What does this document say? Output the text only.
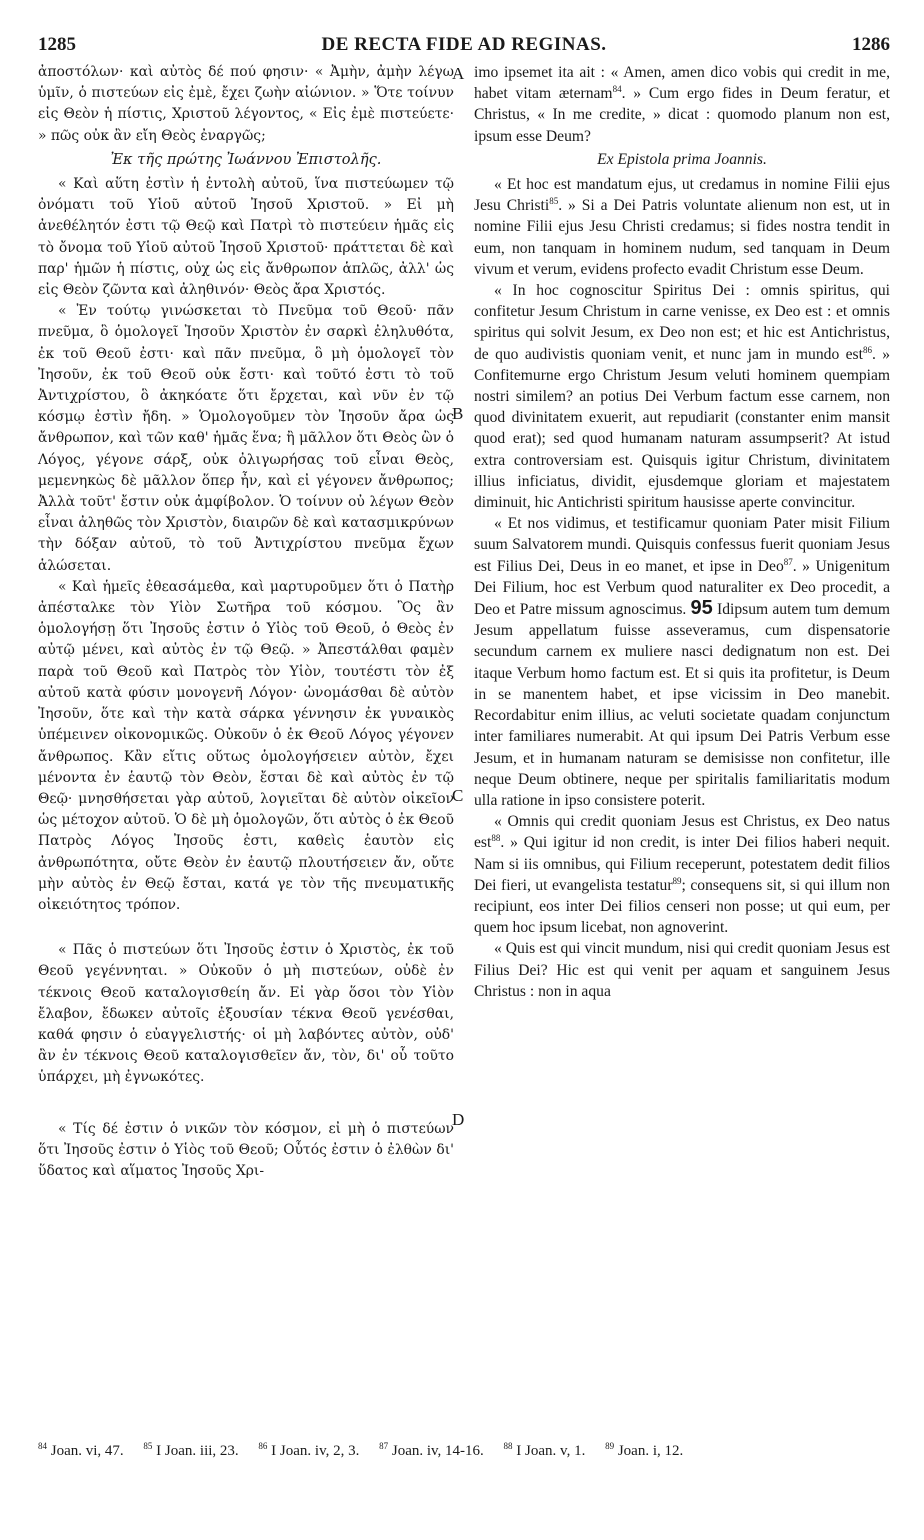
1285	DE RECTA FIDE AD REGINAS.	1286
A
B
C
D

ἀποστόλων· καὶ αὐτὸς δέ πού φησιν· « Ἀμὴν, ἀμὴν λέγω ὑμῖν, ὁ πιστεύων εἰς ἐμὲ, ἔχει ζωὴν αἰώνιον. » Ὅτε τοίνυν εἰς Θεὸν ἡ πίστις, Χριστοῦ λέγοντος, « Εἰς ἐμὲ πιστεύετε· » πῶς οὐκ ἂν εἴη Θεὸς ἐναργῶς;

Ἐκ τῆς πρώτης Ἰωάννου Ἐπιστολῆς.

« Καὶ αὕτη ἐστὶν ἡ ἐντολὴ αὐτοῦ, ἵνα πιστεύωμεν τῷ ὀνόματι τοῦ Υἱοῦ αὐτοῦ Ἰησοῦ Χριστοῦ. » Εἰ μὴ ἀνεθέλητόν ἐστι τῷ Θεῷ καὶ Πατρὶ τὸ πιστεύειν ἡμᾶς εἰς τὸ ὄνομα τοῦ Υἱοῦ αὐτοῦ Ἰησοῦ Χριστοῦ· πράττεται δὲ καὶ παρ' ἡμῶν ἡ πίστις, οὐχ ὡς εἰς ἄνθρωπον ἁπλῶς, ἀλλ' ὡς εἰς Θεὸν ζῶντα καὶ ἀληθινόν· Θεὸς ἄρα Χριστός.

« Ἐν τούτῳ γινώσκεται τὸ Πνεῦμα τοῦ Θεοῦ· πᾶν πνεῦμα, ὃ ὁμολογεῖ Ἰησοῦν Χριστὸν ἐν σαρκὶ ἐληλυθότα, ἐκ τοῦ Θεοῦ ἐστι· καὶ πᾶν πνεῦμα, ὃ μὴ ὁμολογεῖ τὸν Ἰησοῦν, ἐκ τοῦ Θεοῦ οὐκ ἔστι· καὶ τοῦτό ἐστι τὸ τοῦ Ἀντιχρίστου, ὃ ἀκηκόατε ὅτι ἔρχεται, καὶ νῦν ἐν τῷ κόσμῳ ἐστὶν ἤδη. » Ὁμολογοῦμεν τὸν Ἰησοῦν ἄρα ὡς ἄνθρωπον, καὶ τῶν καθ' ἡμᾶς ἕνα; ἢ μᾶλλον ὅτι Θεὸς ὢν ὁ Λόγος, γέγονε σάρξ, οὐκ ὀλιγωρήσας τοῦ εἶναι Θεὸς, μεμενηκὼς δὲ μᾶλλον ὅπερ ἦν, καὶ εἰ γέγονεν ἄνθρωπος; Ἀλλὰ τοῦτ' ἔστιν οὐκ ἀμφίβολον. Ὁ τοίνυν οὐ λέγων Θεὸν εἶναι ἀληθῶς τὸν Χριστὸν, διαιρῶν δὲ καὶ κατασμικρύνων τὴν δόξαν αὐτοῦ, τὸ τοῦ Ἀντιχρίστου πνεῦμα ἔχων ἁλώσεται.

« Καὶ ἡμεῖς ἐθεασάμεθα, καὶ μαρτυροῦμεν ὅτι ὁ Πατὴρ ἀπέσταλκε τὸν Υἱὸν Σωτῆρα τοῦ κόσμου. Ὃς ἂν ὁμολογήσῃ ὅτι Ἰησοῦς ἐστιν ὁ Υἱὸς τοῦ Θεοῦ, ὁ Θεὸς ἐν αὐτῷ μένει, καὶ αὐτὸς ἐν τῷ Θεῷ. » Ἀπεστάλθαι φαμὲν παρὰ τοῦ Θεοῦ καὶ Πατρὸς τὸν Υἱὸν, τουτέστι τὸν ἐξ αὐτοῦ κατὰ φύσιν μονογενῆ Λόγον· ὠνομάσθαι δὲ αὐτὸν Ἰησοῦν, ὅτε καὶ τὴν κατὰ σάρκα γέννησιν ἐκ γυναικὸς ὑπέμεινεν οἰκονομικῶς. Οὐκοῦν ὁ ἐκ Θεοῦ Λόγος γέγονεν ἄνθρωπος. Κἂν εἴτις οὕτως ὁμολογήσειεν αὐτὸν, ἔχει μένοντα ἐν ἑαυτῷ τὸν Θεὸν, ἔσται δὲ καὶ αὐτὸς ἐν τῷ Θεῷ· μνησθήσεται γὰρ αὐτοῦ, λογιεῖται δὲ αὐτὸν οἰκεῖον ὡς μέτοχον αὐτοῦ. Ὁ δὲ μὴ ὁμολογῶν, ὅτι αὐτὸς ὁ ἐκ Θεοῦ Πατρὸς Λόγος Ἰησοῦς ἐστι, καθεὶς ἑαυτὸν εἰς ἀνθρωπότητα, οὔτε Θεὸν ἐν ἑαυτῷ πλουτήσειεν ἄν, οὔτε μὴν αὐτὸς ἐν Θεῷ ἔσται, κατά γε τὸν τῆς πνευματικῆς οἰκειότητος τρόπον.

« Πᾶς ὁ πιστεύων ὅτι Ἰησοῦς ἐστιν ὁ Χριστὸς, ἐκ τοῦ Θεοῦ γεγέννηται. » Οὐκοῦν ὁ μὴ πιστεύων, οὐδὲ ἐν τέκνοις Θεοῦ καταλογισθείη ἄν. Εἰ γὰρ ὅσοι τὸν Υἱὸν ἔλαβον, ἔδωκεν αὐτοῖς ἐξουσίαν τέκνα Θεοῦ γενέσθαι, καθά φησιν ὁ εὐαγγελιστής· οἱ μὴ λαβόντες αὐτὸν, οὐδ' ἂν ἐν τέκνοις Θεοῦ καταλογισθεῖεν ἄν, τὸν, δι' οὗ τοῦτο ὑπάρχει, μὴ ἐγνωκότες.

« Τίς δέ ἐστιν ὁ νικῶν τὸν κόσμον, εἰ μὴ ὁ πιστεύων ὅτι Ἰησοῦς ἐστιν ὁ Υἱὸς τοῦ Θεοῦ; Οὗτός ἐστιν ὁ ἐλθὼν δι' ὕδατος καὶ αἵματος Ἰησοῦς Χρι-

imo ipsemet ita ait : « Amen, amen dico vobis qui credit in me, habet vitam æternam$^{84}$. » Cum ergo fides in Deum feratur, et Christus, « In me credite, » dicat : quomodo planum non est, ipsum esse Deum?

Ex Epistola prima Joannis.

« Et hoc est mandatum ejus, ut credamus in nomine Filii ejus Jesu Christi$^{85}$. » Si a Dei Patris voluntate alienum non est, ut in nomine Filii ejus Jesu Christi credamus; si fides nostra tendit in eum, non tanquam in hominem nudum, sed tanquam in Deum vivum et verum, evidens profecto evadit Christum esse Deum.

« In hoc cognoscitur Spiritus Dei : omnis spiritus, qui confitetur Jesum Christum in carne venisse, ex Deo est : et omnis spiritus qui solvit Jesum, ex Deo non est; et hic est Antichristus, de quo audivistis quoniam venit, et nunc jam in mundo est$^{86}$. » Confitemurne ergo Christum Jesum veluti hominem quempiam nostri similem? an potius Dei Verbum factum esse carnem, non quod divinitatem exuerit, aut repudiarit (constanter enim mansit quod erat); sed quod humanam naturam assumpserit? At istud extra controversiam est. Quisquis igitur Christum, divinitatem illius inficiatus, dividit, ejusdemque gloriam et majestatem diminuit, hic Antichristi spiritum hausisse aperte convincitur.

« Et nos vidimus, et testificamur quoniam Pater misit Filium suum Salvatorem mundi. Quisquis confessus fuerit quoniam Jesus est Filius Dei, Deus in eo manet, et ipse in Deo$^{87}$. » Unigenitum Dei Filium, hoc est Verbum quod naturaliter ex Deo procedit, a Deo et Patre missum agnoscimus. 95 Idipsum autem tum demum Jesum appellatum fuisse asseveramus, cum dispensatorie secundum carnem ex muliere nasci dedignatum non est. Dei itaque Verbum homo factum est. Et si quis ita profitetur, is Deum in se manentem habet, et ipse vicissim in Deo manebit. Recordabitur enim illius, ac veluti societate quadam conjunctum inter familiares numerabit. At qui ipsum Dei Patris Verbum esse Jesum, et in humanam naturam se demisisse non confitetur, ille neque Deum obtinere, neque per spiritalis familiaritatis modum ulla ratione in ipso consistere poterit.

« Omnis qui credit quoniam Jesus est Christus, ex Deo natus est$^{88}$. » Qui igitur id non credit, is inter Dei filios haberi nequit. Nam si iis omnibus, qui Filium receperunt, potestatem dedit filios Dei fieri, ut evangelista testatur$^{89}$; consequens sit, si qui illum non recipiunt, eos inter Dei filios censeri non posse; ut qui eum, per quem hoc ipsum licebat, non agnoverint.

« Quis est qui vincit mundum, nisi qui credit quoniam Jesus est Filius Dei? Hic est qui venit per aquam et sanguinem Jesus Christus : non in aqua

$^{84}$ Joan. vi, 47. $^{85}$ I Joan. iii, 23. $^{86}$ I Joan. iv, 2, 3. $^{87}$ Joan. iv, 14-16. $^{88}$ I Joan. v, 1. $^{89}$ Joan. i, 12.
